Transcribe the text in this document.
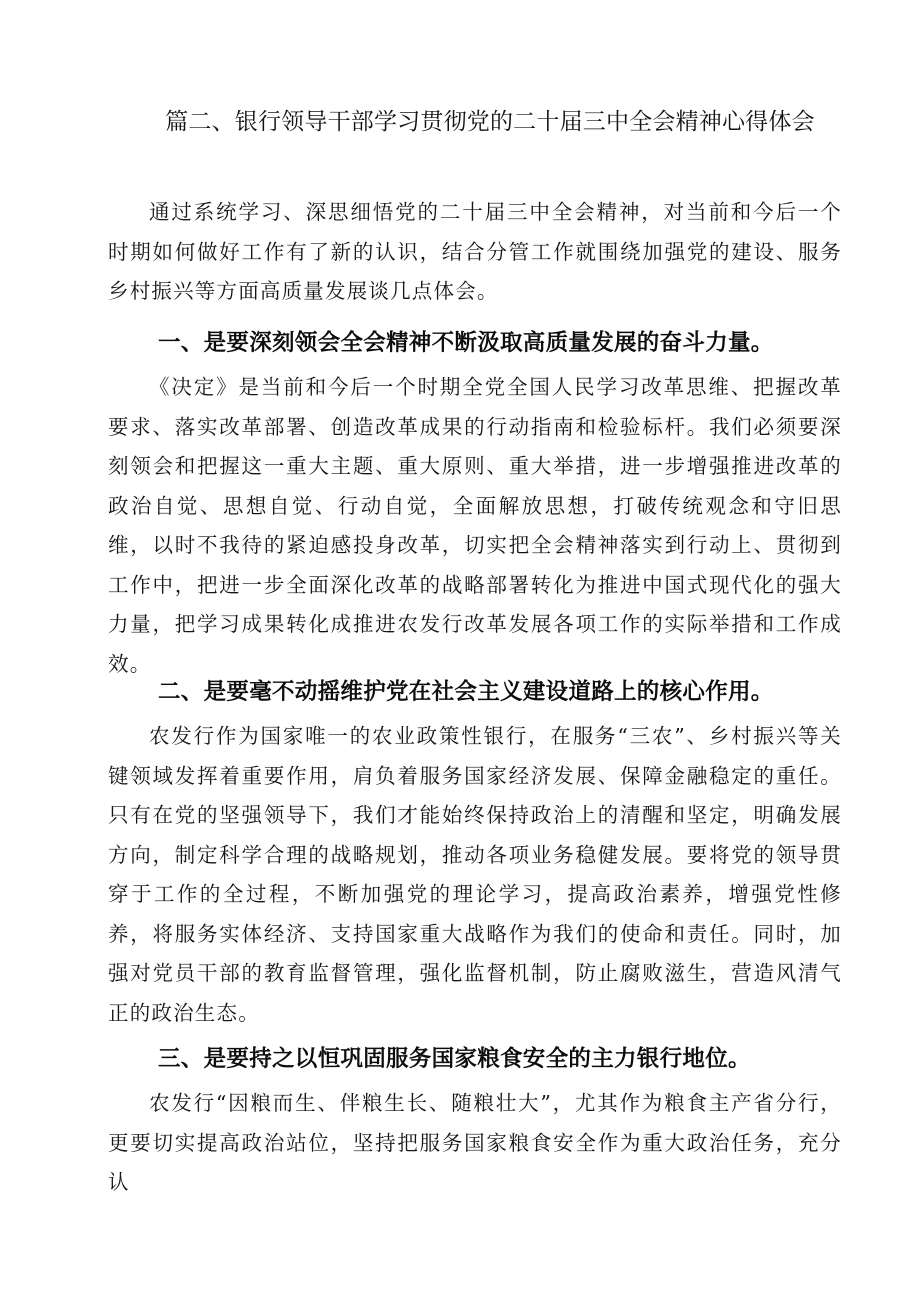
篇二、银行领导干部学习贯彻党的二十届三中全会精神心得体会

通过系统学习、深思细悟党的二十届三中全会精神，对当前和今后一个时期如何做好工作有了新的认识，结合分管工作就围绕加强党的建设、服务乡村振兴等方面高质量发展谈几点体会。

一、是要深刻领会全会精神不断汲取高质量发展的奋斗力量。

《决定》是当前和今后一个时期全党全国人民学习改革思维、把握改革要求、落实改革部署、创造改革成果的行动指南和检验标杆。我们必须要深刻领会和把握这一重大主题、重大原则、重大举措，进一步增强推进改革的政治自觉、思想自觉、行动自觉，全面解放思想，打破传统观念和守旧思维，以时不我待的紧迫感投身改革，切实把全会精神落实到行动上、贯彻到工作中，把进一步全面深化改革的战略部署转化为推进中国式现代化的强大力量，把学习成果转化成推进农发行改革发展各项工作的实际举措和工作成效。

二、是要毫不动摇维护党在社会主义建设道路上的核心作用。

农发行作为国家唯一的农业政策性银行，在服务“三农”、乡村振兴等关键领域发挥着重要作用，肩负着服务国家经济发展、保障金融稳定的重任。只有在党的坚强领导下，我们才能始终保持政治上的清醒和坚定，明确发展方向，制定科学合理的战略规划，推动各项业务稳健发展。要将党的领导贯穿于工作的全过程，不断加强党的理论学习，提高政治素养，增强党性修养，将服务实体经济、支持国家重大战略作为我们的使命和责任。同时，加强对党员干部的教育监督管理，强化监督机制，防止腐败滋生，营造风清气正的政治生态。

三、是要持之以恒巩固服务国家粮食安全的主力银行地位。

农发行“因粮而生、伴粮生长、随粮壮大”，尤其作为粮食主产省分行，更要切实提高政治站位，坚持把服务国家粮食安全作为重大政治任务，充分认
